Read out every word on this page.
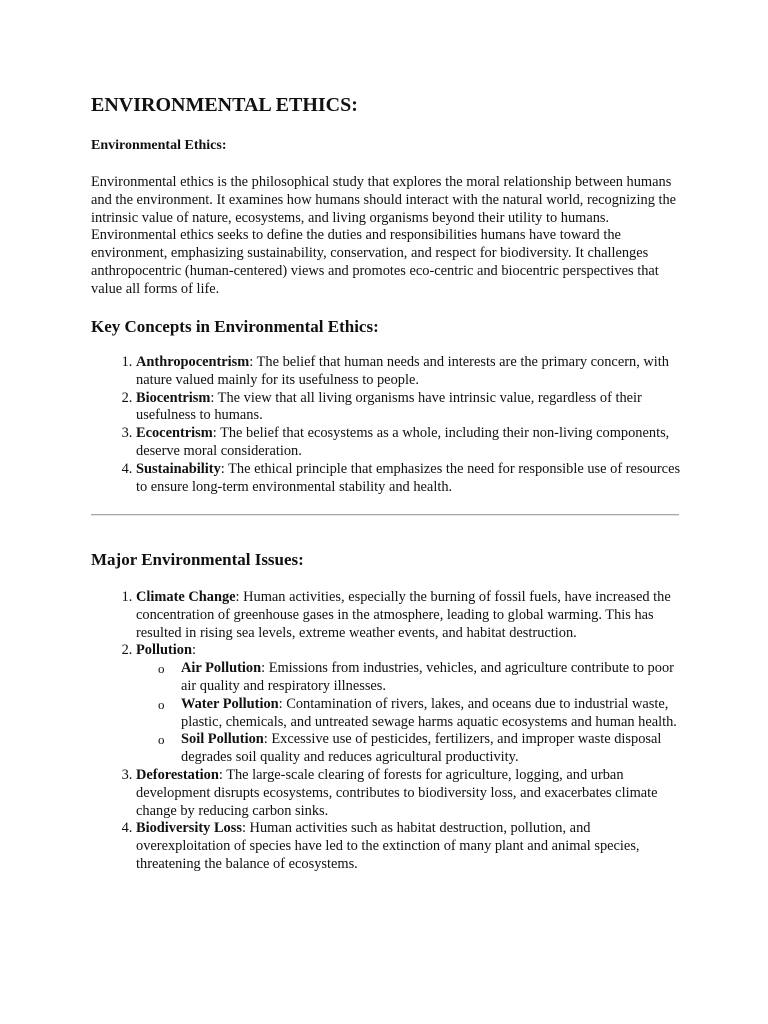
ENVIRONMENTAL ETHICS:

Environmental Ethics:

Environmental ethics is the philosophical study that explores the moral relationship between humans and the environment. It examines how humans should interact with the natural world, recognizing the intrinsic value of nature, ecosystems, and living organisms beyond their utility to humans. Environmental ethics seeks to define the duties and responsibilities humans have toward the environment, emphasizing sustainability, conservation, and respect for biodiversity. It challenges anthropocentric (human-centered) views and promotes eco-centric and biocentric perspectives that value all forms of life.

Key Concepts in Environmental Ethics:
1. Anthropocentrism: The belief that human needs and interests are the primary concern, with nature valued mainly for its usefulness to people.
2. Biocentrism: The view that all living organisms have intrinsic value, regardless of their usefulness to humans.
3. Ecocentrism: The belief that ecosystems as a whole, including their non-living components, deserve moral consideration.
4. Sustainability: The ethical principle that emphasizes the need for responsible use of resources to ensure long-term environmental stability and health.
Major Environmental Issues:
1. Climate Change: Human activities, especially the burning of fossil fuels, have increased the concentration of greenhouse gases in the atmosphere, leading to global warming. This has resulted in rising sea levels, extreme weather events, and habitat destruction.
2. Pollution:
o Air Pollution: Emissions from industries, vehicles, and agriculture contribute to poor air quality and respiratory illnesses.
o Water Pollution: Contamination of rivers, lakes, and oceans due to industrial waste, plastic, chemicals, and untreated sewage harms aquatic ecosystems and human health.
o Soil Pollution: Excessive use of pesticides, fertilizers, and improper waste disposal degrades soil quality and reduces agricultural productivity.
3. Deforestation: The large-scale clearing of forests for agriculture, logging, and urban development disrupts ecosystems, contributes to biodiversity loss, and exacerbates climate change by reducing carbon sinks.
4. Biodiversity Loss: Human activities such as habitat destruction, pollution, and overexploitation of species have led to the extinction of many plant and animal species, threatening the balance of ecosystems.
